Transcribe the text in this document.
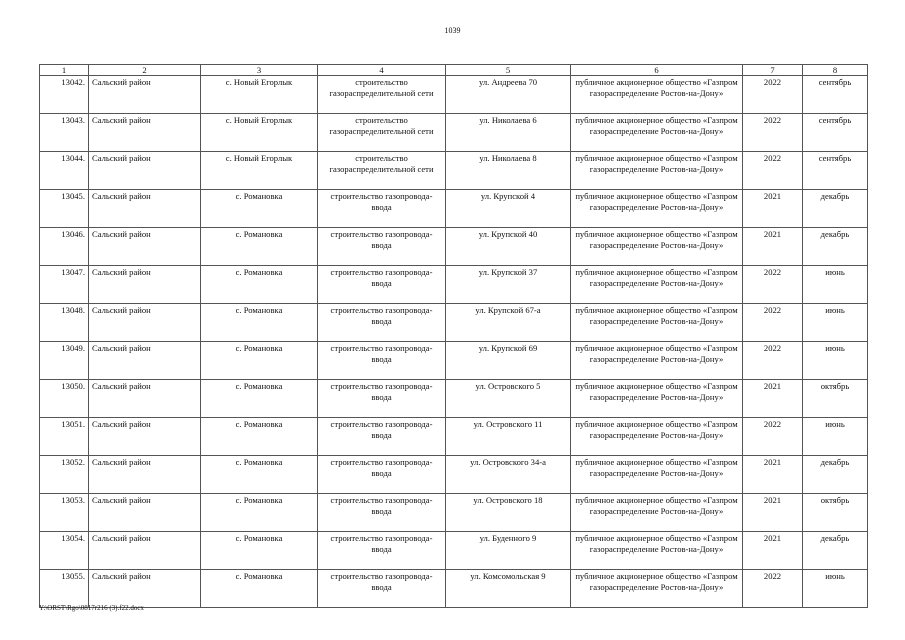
1039
1	2	3	4	5	6	7	8
13042.	Сальский район	с. Новый Егорлык	строительство газораспределительной сети	ул. Андреева 70	публичное акционерное общество «Газпром газораспределение Ростов-на-Дону»	2022	сентябрь
13043.	Сальский район	с. Новый Егорлык	строительство газораспределительной сети	ул. Николаева 6	публичное акционерное общество «Газпром газораспределение Ростов-на-Дону»	2022	сентябрь
13044.	Сальский район	с. Новый Егорлык	строительство газораспределительной сети	ул. Николаева 8	публичное акционерное общество «Газпром газораспределение Ростов-на-Дону»	2022	сентябрь
13045.	Сальский район	с. Романовка	строительство газопровода-ввода	ул. Крупской 4	публичное акционерное общество «Газпром газораспределение Ростов-на-Дону»	2021	декабрь
13046.	Сальский район	с. Романовка	строительство газопровода-ввода	ул. Крупской 40	публичное акционерное общество «Газпром газораспределение Ростов-на-Дону»	2021	декабрь
13047.	Сальский район	с. Романовка	строительство газопровода-ввода	ул. Крупской 37	публичное акционерное общество «Газпром газораспределение Ростов-на-Дону»	2022	июнь
13048.	Сальский район	с. Романовка	строительство газопровода-ввода	ул. Крупской 67-а	публичное акционерное общество «Газпром газораспределение Ростов-на-Дону»	2022	июнь
13049.	Сальский район	с. Романовка	строительство газопровода-ввода	ул. Крупской 69	публичное акционерное общество «Газпром газораспределение Ростов-на-Дону»	2022	июнь
13050.	Сальский район	с. Романовка	строительство газопровода-ввода	ул. Островского 5	публичное акционерное общество «Газпром газораспределение Ростов-на-Дону»	2021	октябрь
13051.	Сальский район	с. Романовка	строительство газопровода-ввода	ул. Островского 11	публичное акционерное общество «Газпром газораспределение Ростов-на-Дону»	2022	июнь
13052.	Сальский район	с. Романовка	строительство газопровода-ввода	ул. Островского 34-а	публичное акционерное общество «Газпром газораспределение Ростов-на-Дону»	2021	декабрь
13053.	Сальский район	с. Романовка	строительство газопровода-ввода	ул. Островского 18	публичное акционерное общество «Газпром газораспределение Ростов-на-Дону»	2021	октябрь
13054.	Сальский район	с. Романовка	строительство газопровода-ввода	ул. Буденного 9	публичное акционерное общество «Газпром газораспределение Ростов-на-Дону»	2021	декабрь
13055.	Сальский район	с. Романовка	строительство газопровода-ввода	ул. Комсомольская 9	публичное акционерное общество «Газпром газораспределение Ростов-на-Дону»	2022	июнь
Y:\ORST\Rgo\0817r216 (3).f22.docx
